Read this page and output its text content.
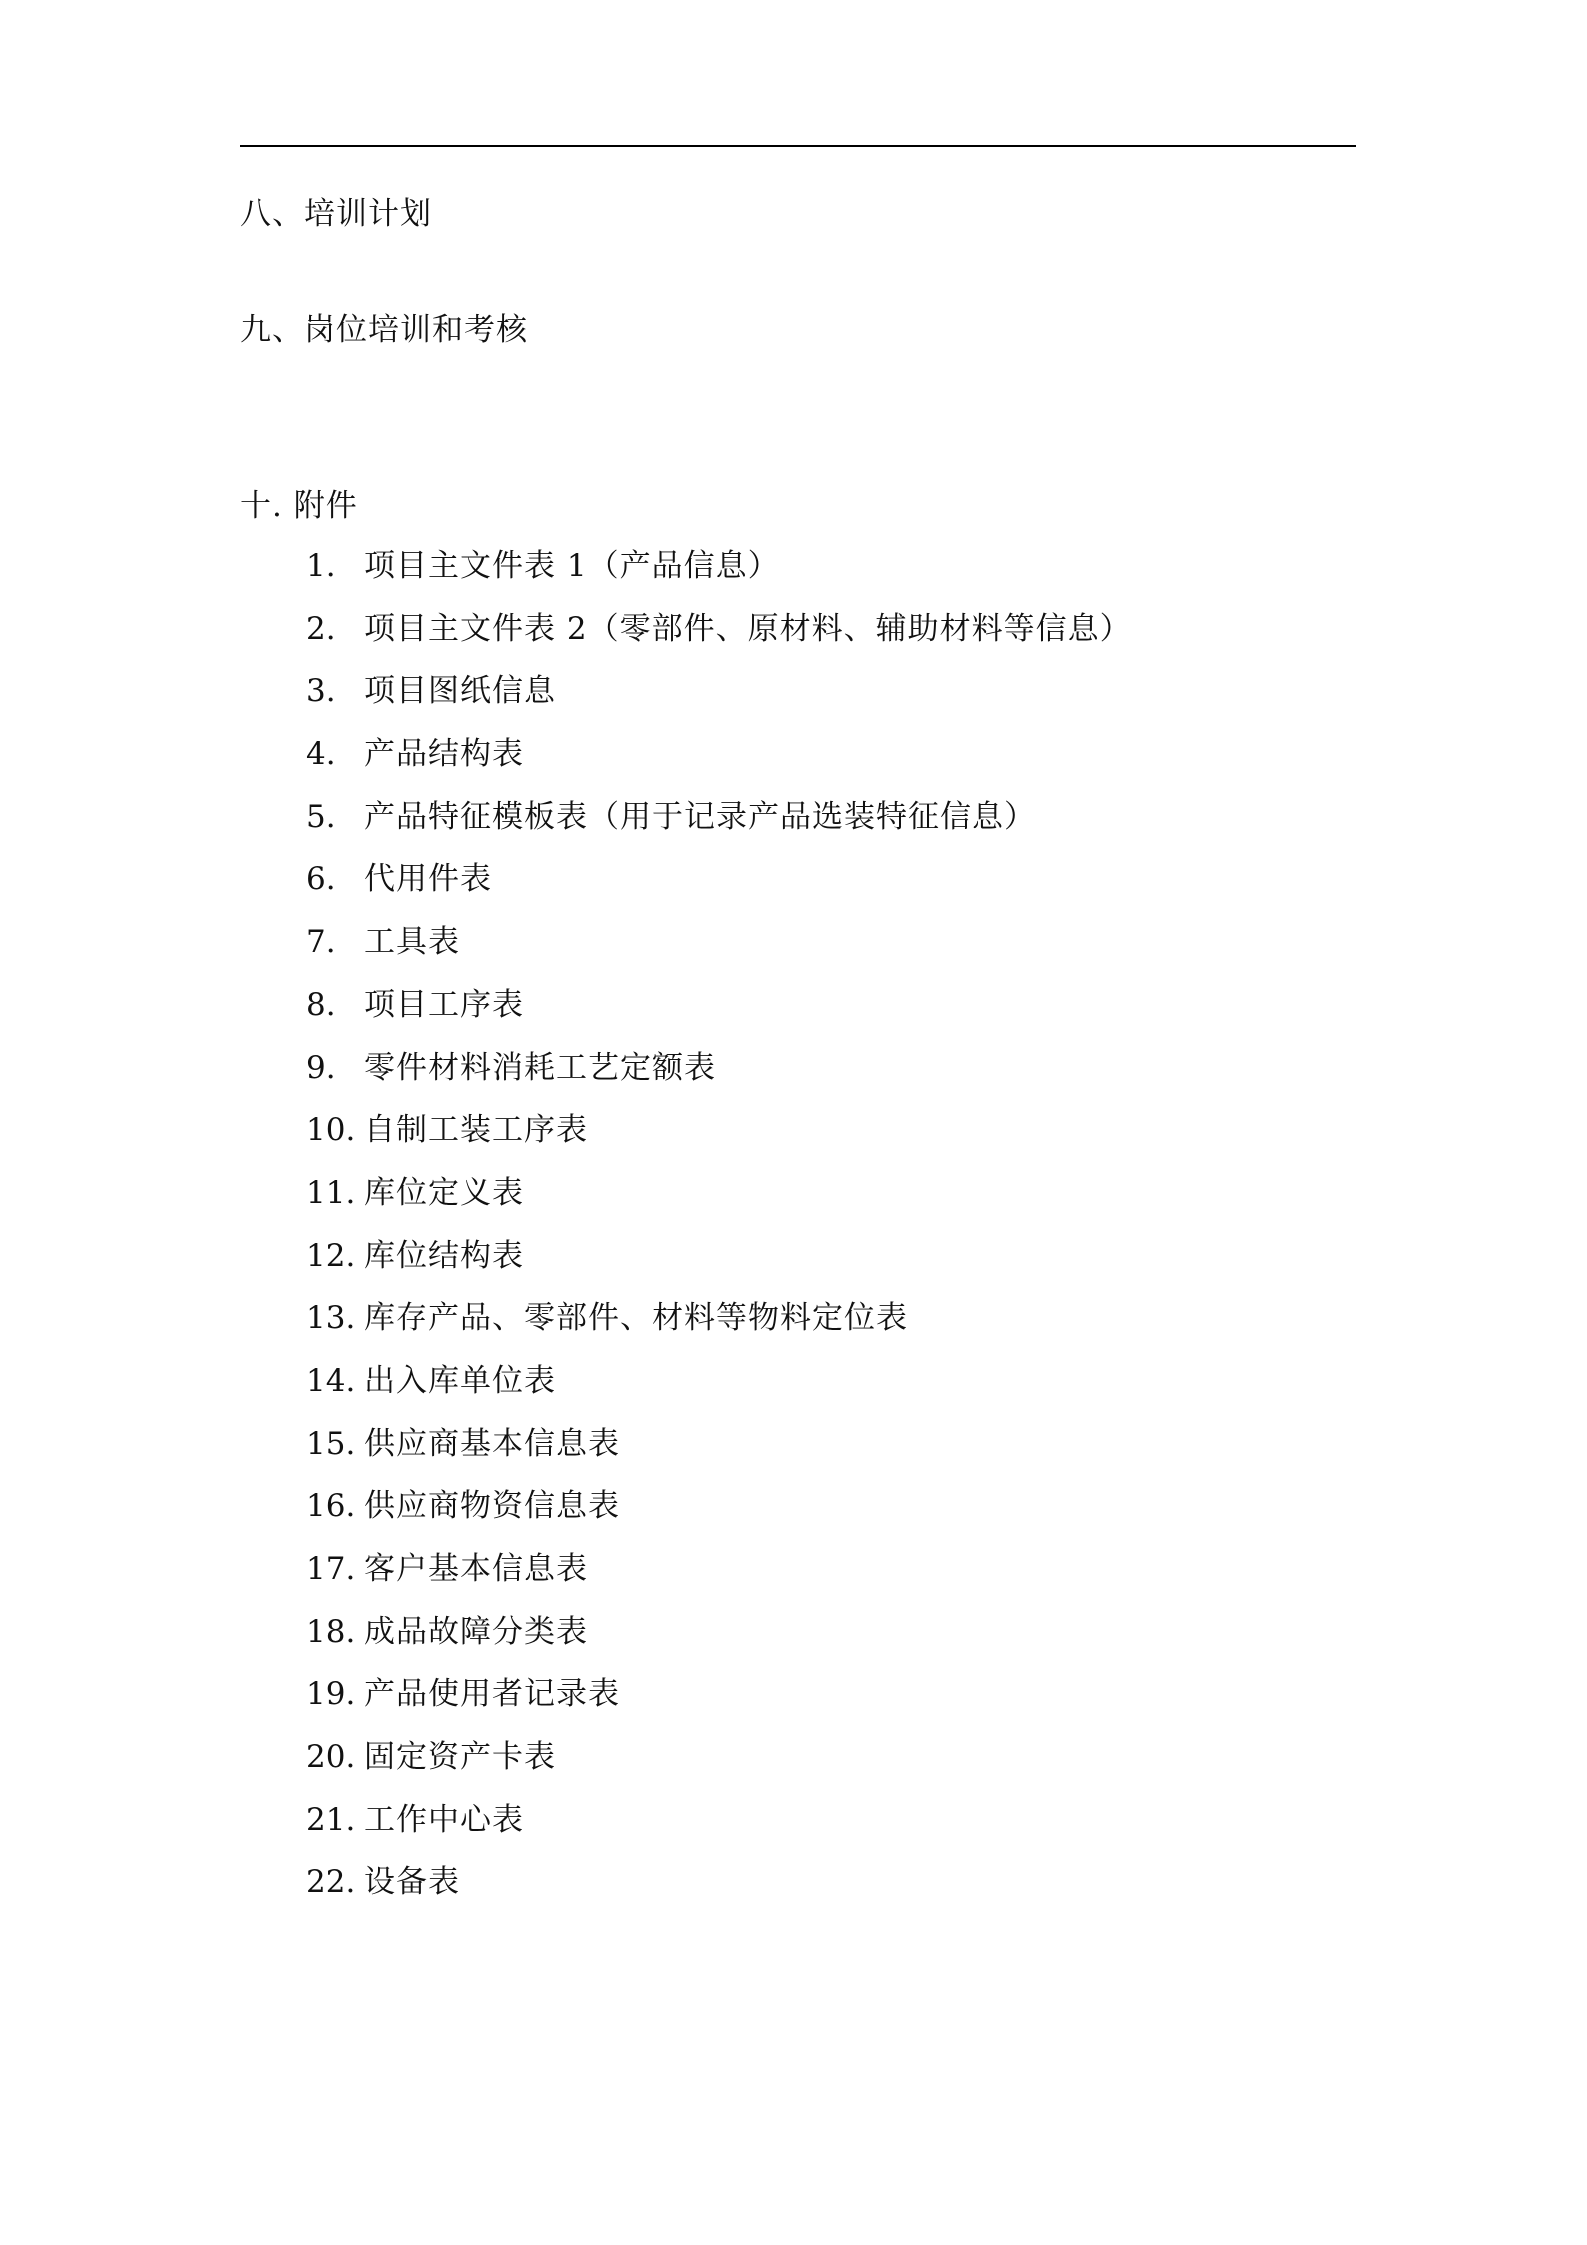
八、培训计划
九、岗位培训和考核
十. 附件
1. 项目主文件表 1（产品信息）
2. 项目主文件表 2（零部件、原材料、辅助材料等信息）
3. 项目图纸信息
4. 产品结构表
5. 产品特征模板表（用于记录产品选装特征信息）
6. 代用件表
7. 工具表
8. 项目工序表
9. 零件材料消耗工艺定额表
10. 自制工装工序表
11. 库位定义表
12. 库位结构表
13. 库存产品、零部件、材料等物料定位表
14. 出入库单位表
15. 供应商基本信息表
16. 供应商物资信息表
17. 客户基本信息表
18. 成品故障分类表
19. 产品使用者记录表
20. 固定资产卡表
21. 工作中心表
22. 设备表
